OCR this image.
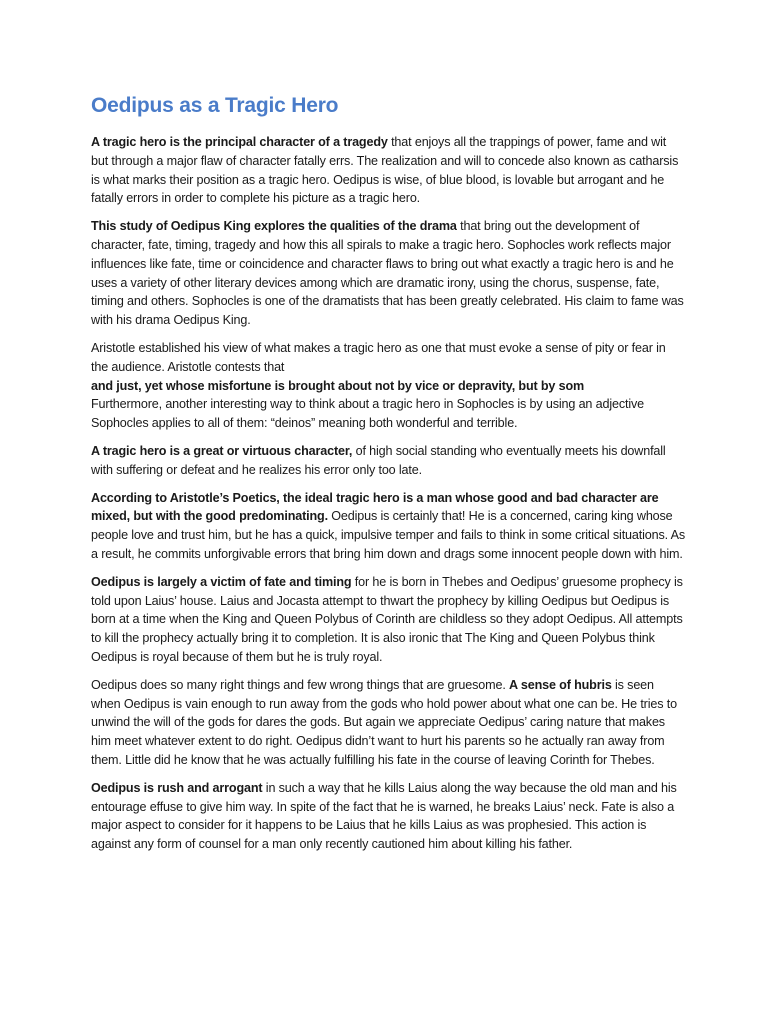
Oedipus as a Tragic Hero

A tragic hero is the principal character of a tragedy that enjoys all the trappings of power, fame and wit but through a major flaw of character fatally errs. The realization and will to concede also known as catharsis is what marks their position as a tragic hero. Oedipus is wise, of blue blood, is lovable but arrogant and he fatally errors in order to complete his picture as a tragic hero.

This study of Oedipus King explores the qualities of the drama that bring out the development of character, fate, timing, tragedy and how this all spirals to make a tragic hero. Sophocles work reflects major influences like fate, time or coincidence and character flaws to bring out what exactly a tragic hero is and he uses a variety of other literary devices among which are dramatic irony, using the chorus, suspense, fate, timing and others. Sophocles is one of the dramatists that has been greatly celebrated. His claim to fame was with his drama Oedipus King.

Aristotle established his view of what makes a tragic hero as one that must evoke a sense of pity or fear in the audience. Aristotle contests that
and just, yet whose misfortune is brought about not by vice or depravity, but by som
Furthermore, another interesting way to think about a tragic hero in Sophocles is by using an adjective Sophocles applies to all of them: “deinos” meaning both wonderful and terrible.

A tragic hero is a great or virtuous character, of high social standing who eventually meets his downfall with suffering or defeat and he realizes his error only too late.

According to Aristotle’s Poetics, the ideal tragic hero is a man whose good and bad character are mixed, but with the good predominating. Oedipus is certainly that! He is a concerned, caring king whose people love and trust him, but he has a quick, impulsive temper and fails to think in some critical situations. As a result, he commits unforgivable errors that bring him down and drags some innocent people down with him.

Oedipus is largely a victim of fate and timing for he is born in Thebes and Oedipus’ gruesome prophecy is told upon Laius’ house. Laius and Jocasta attempt to thwart the prophecy by killing Oedipus but Oedipus is born at a time when the King and Queen Polybus of Corinth are childless so they adopt Oedipus. All attempts to kill the prophecy actually bring it to completion. It is also ironic that The King and Queen Polybus think Oedipus is royal because of them but he is truly royal.

Oedipus does so many right things and few wrong things that are gruesome. A sense of hubris is seen when Oedipus is vain enough to run away from the gods who hold power about what one can be. He tries to unwind the will of the gods for dares the gods. But again we appreciate Oedipus’ caring nature that makes him meet whatever extent to do right. Oedipus didn’t want to hurt his parents so he actually ran away from them. Little did he know that he was actually fulfilling his fate in the course of leaving Corinth for Thebes.

Oedipus is rush and arrogant in such a way that he kills Laius along the way because the old man and his entourage effuse to give him way. In spite of the fact that he is warned, he breaks Laius’ neck. Fate is also a major aspect to consider for it happens to be Laius that he kills Laius as was prophesied. This action is against any form of counsel for a man only recently cautioned him about killing his father.
